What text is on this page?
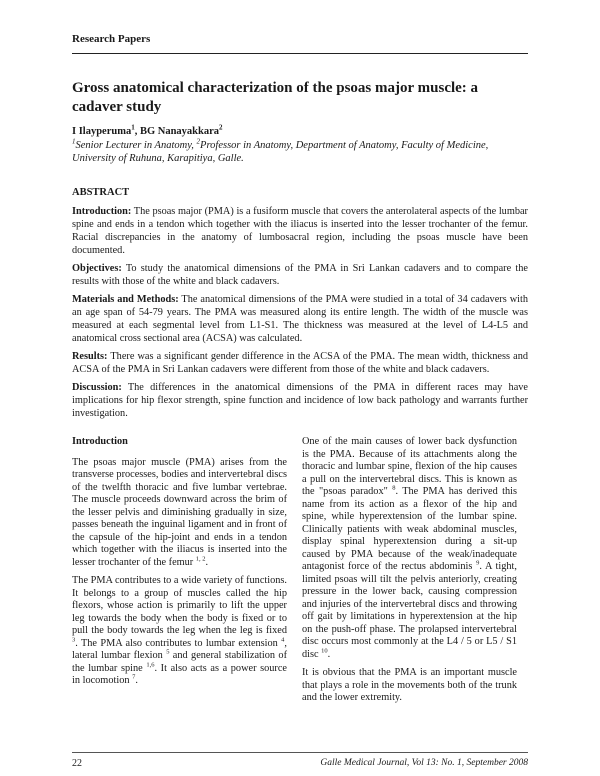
Research Papers
Gross anatomical characterization of the psoas major muscle: a cadaver study
I Ilayperuma$^1$, BG Nanayakkara$^2$
$^1$Senior Lecturer in Anatomy, $^2$Professor in Anatomy, Department of Anatomy, Faculty of Medicine, University of Ruhuna, Karapitiya, Galle.
ABSTRACT

Introduction: The psoas major (PMA) is a fusiform muscle that covers the anterolateral aspects of the lumbar spine and ends in a tendon which together with the iliacus is inserted into the lesser trochanter of the femur. Racial discrepancies in the anatomy of lumbosacral region, including the psoas muscle have been documented.

Objectives: To study the anatomical dimensions of the PMA in Sri Lankan cadavers and to compare the results with those of the white and black cadavers.

Materials and Methods: The anatomical dimensions of the PMA were studied in a total of 34 cadavers with an age span of 54-79 years. The PMA was measured along its entire length. The width of the muscle was measured at each segmental level from L1-S1. The thickness was measured at the level of L4-L5 and anatomical cross sectional area (ACSA) was calculated.

Results: There was a significant gender difference in the ACSA of the PMA. The mean width, thickness and ACSA of the PMA in Sri Lankan cadavers were different from those of the white and black cadavers.

Discussion: The differences in the anatomical dimensions of the PMA in different races may have implications for hip flexor strength, spine function and incidence of low back pathology and warrants further investigation.

Introduction

The psoas major muscle (PMA) arises from the transverse processes, bodies and intervertebral discs of the twelfth thoracic and five lumbar vertebrae. The muscle proceeds downward across the brim of the lesser pelvis and diminishing gradually in size, passes beneath the inguinal ligament and in front of the capsule of the hip-joint and ends in a tendon which together with the iliacus is inserted into the lesser trochanter of the femur $^{1, 2}$.

The PMA contributes to a wide variety of functions. It belongs to a group of muscles called the hip flexors, whose action is primarily to lift the upper leg towards the body when the body is fixed or to pull the body towards the leg when the leg is fixed $^3$. The PMA also contributes to lumbar extension $^4$, lateral lumbar flexion $^5$ and general stabilization of the lumbar spine $^{1,6}$. It also acts as a power source in locomotion $^7$.

One of the main causes of lower back dysfunction is the PMA. Because of its attachments along the thoracic and lumbar spine, flexion of the hip causes a pull on the intervertebral discs. This is known as the "psoas paradox" $^8$. The PMA has derived this name from its action as a flexor of the hip and spine, while hyperextension of the lumbar spine. Clinically patients with weak abdominal muscles, display spinal hyperextension during a sit-up caused by PMA because of the weak/inadequate antagonist force of the rectus abdominis $^9$. A tight, limited psoas will tilt the pelvis anteriorly, creating pressure in the lower back, causing compression and injuries of the intervertebral discs and throwing off gait by limitations in hyperextension at the hip on the push-off phase. The prolapsed intervertebral disc occurs most commonly at the L4 / 5 or L5 / S1 disc $^{10}$.

It is obvious that the PMA is an important muscle that plays a role in the movements both of the trunk and the lower extremity.

22	Galle Medical Journal, Vol 13: No. 1, September 2008
